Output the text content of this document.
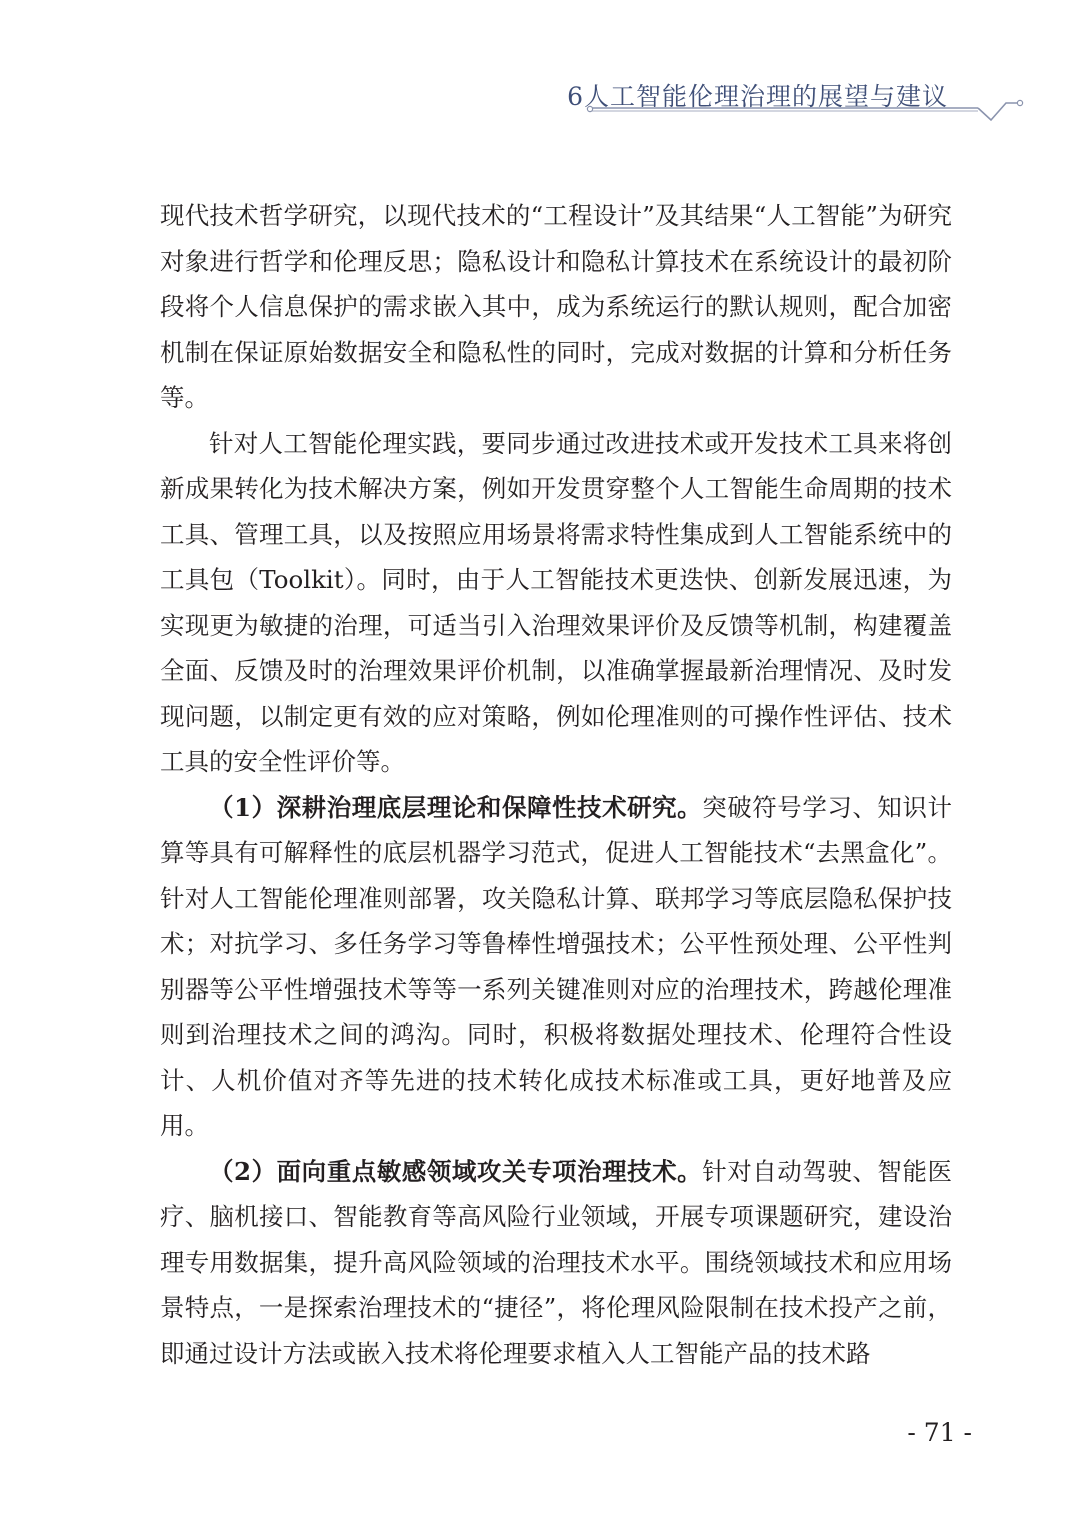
6人工智能伦理治理的展望与建议

现代技术哲学研究，以现代技术的“工程设计”及其结果“人工智能”为研究对象进行哲学和伦理反思；隐私设计和隐私计算技术在系统设计的最初阶段将个人信息保护的需求嵌入其中，成为系统运行的默认规则，配合加密机制在保证原始数据安全和隐私性的同时，完成对数据的计算和分析任务等。

针对人工智能伦理实践，要同步通过改进技术或开发技术工具来将创新成果转化为技术解决方案，例如开发贯穿整个人工智能生命周期的技术工具、管理工具，以及按照应用场景将需求特性集成到人工智能系统中的工具包（Toolkit）。同时，由于人工智能技术更迭快、创新发展迅速，为实现更为敏捷的治理，可适当引入治理效果评价及反馈等机制，构建覆盖全面、反馈及时的治理效果评价机制，以准确掌握最新治理情况、及时发现问题，以制定更有效的应对策略，例如伦理准则的可操作性评估、技术工具的安全性评价等。

（1）深耕治理底层理论和保障性技术研究。突破符号学习、知识计算等具有可解释性的底层机器学习范式，促进人工智能技术“去黑盒化”。针对人工智能伦理准则部署，攻关隐私计算、联邦学习等底层隐私保护技术；对抗学习、多任务学习等鲁棒性增强技术；公平性预处理、公平性判别器等公平性增强技术等等一系列关键准则对应的治理技术，跨越伦理准则到治理技术之间的鸿沟。同时，积极将数据处理技术、伦理符合性设计、人机价值对齐等先进的技术转化成技术标准或工具，更好地普及应用。

（2）面向重点敏感领域攻关专项治理技术。针对自动驾驶、智能医疗、脑机接口、智能教育等高风险行业领域，开展专项课题研究，建设治理专用数据集，提升高风险领域的治理技术水平。围绕领域技术和应用场景特点，一是探索治理技术的“捷径”，将伦理风险限制在技术投产之前，即通过设计方法或嵌入技术将伦理要求植入人工智能产品的技术路

- 71 -
